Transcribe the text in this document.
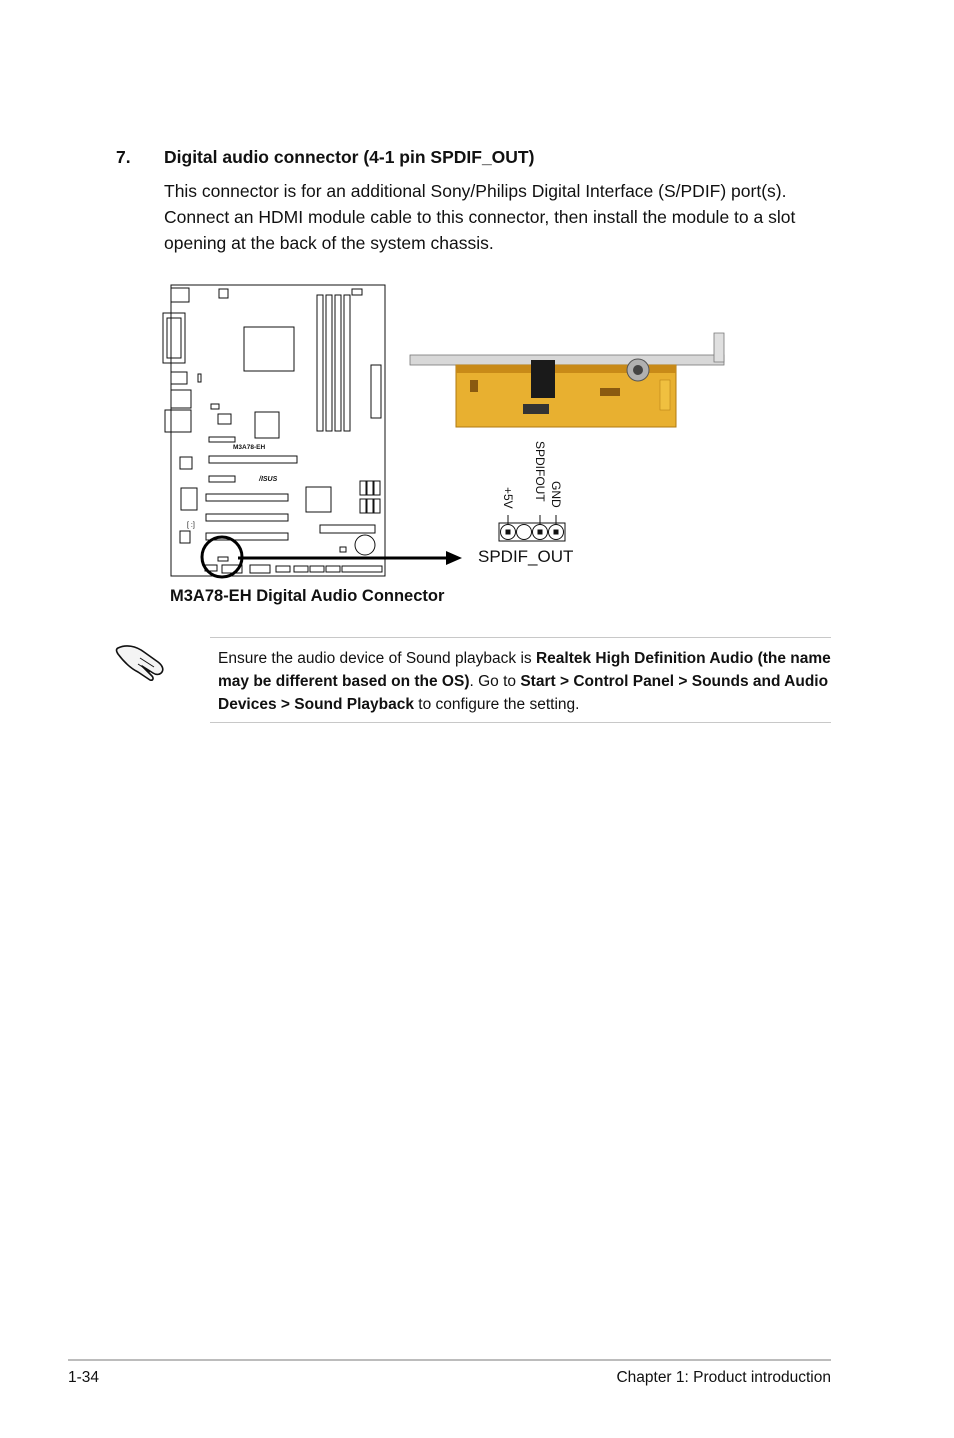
7. Digital audio connector (4-1 pin SPDIF_OUT)
This connector is for an additional Sony/Philips Digital Interface (S/PDIF) port(s). Connect an HDMI module cable to this connector, then install the module to a slot opening at the back of the system chassis.
[ :]
M3A78-EH
/ISUS
+5V SPDIFOUT GND
SPDIF_OUT
M3A78-EH Digital Audio Connector
Ensure the audio device of Sound playback is Realtek High Definition Audio (the name may be different based on the OS). Go to Start > Control Panel > Sounds and Audio Devices > Sound Playback to configure the setting.
1-34	Chapter 1: Product introduction
